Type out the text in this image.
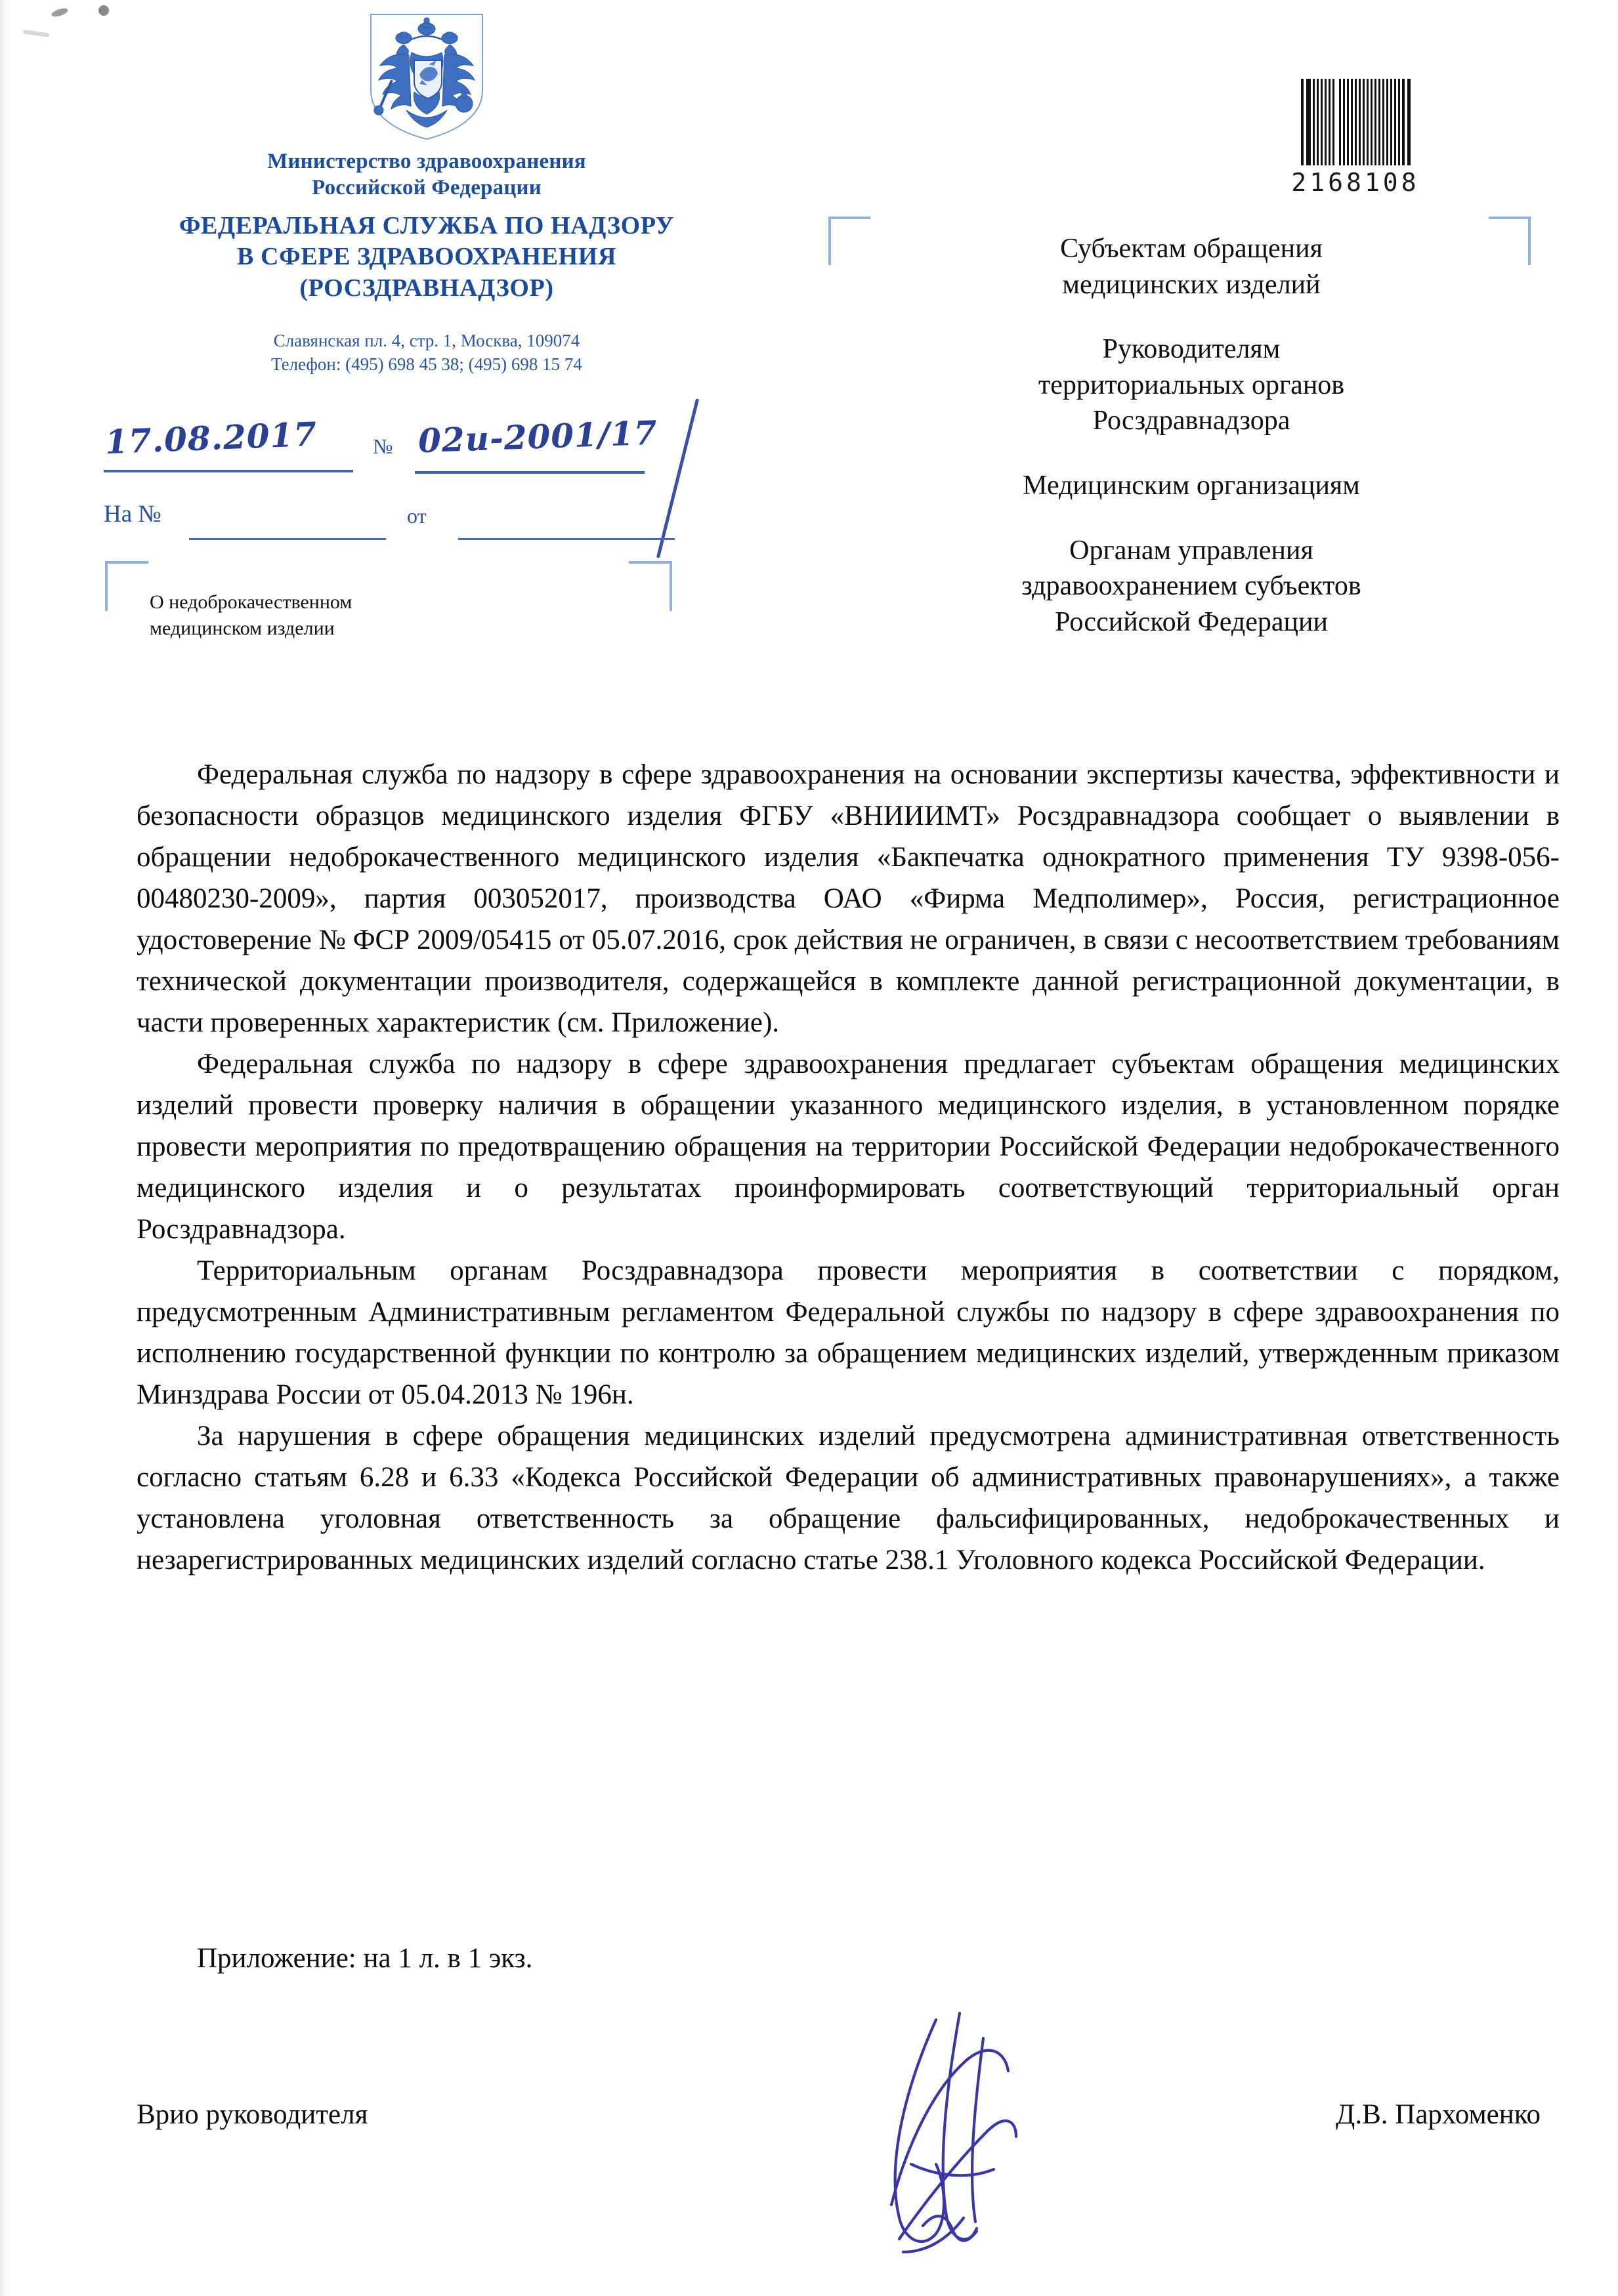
Министерство здравоохранения
Российской Федерации
ФЕДЕРАЛЬНАЯ СЛУЖБА ПО НАДЗОРУ
В СФЕРЕ ЗДРАВООХРАНЕНИЯ
(РОСЗДРАВНАДЗОР)
Славянская пл. 4, стр. 1, Москва, 109074
Телефон: (495) 698 45 38; (495) 698 15 74
17.08.2017	№ 02и-2001/17
На №	от
О недоброкачественном
медицинском изделии
2168108
Субъектам обращения
медицинских изделий
Руководителям
территориальных органов
Росздравнадзора
Медицинским организациям
Органам управления
здравоохранением субъектов
Российской Федерации

Федеральная служба по надзору в сфере здравоохранения на основании экспертизы качества, эффективности и безопасности образцов медицинского изделия ФГБУ «ВНИИИМТ» Росздравнадзора сообщает о выявлении в обращении недоброкачественного медицинского изделия «Бакпечатка однократного применения ТУ 9398-056-00480230-2009», партия 003052017, производства ОАО «Фирма Медполимер», Россия, регистрационное удостоверение № ФСР 2009/05415 от 05.07.2016, срок действия не ограничен, в связи с несоответствием требованиям технической документации производителя, содержащейся в комплекте данной регистрационной документации, в части проверенных характеристик (см. Приложение).

Федеральная служба по надзору в сфере здравоохранения предлагает субъектам обращения медицинских изделий провести проверку наличия в обращении указанного медицинского изделия, в установленном порядке провести мероприятия по предотвращению обращения на территории Российской Федерации недоброкачественного медицинского изделия и о результатах проинформировать соответствующий территориальный орган Росздравнадзора.

Территориальным органам Росздравнадзора провести мероприятия в соответствии с порядком, предусмотренным Административным регламентом Федеральной службы по надзору в сфере здравоохранения по исполнению государственной функции по контролю за обращением медицинских изделий, утвержденным приказом Минздрава России от 05.04.2013 № 196н.

За нарушения в сфере обращения медицинских изделий предусмотрена административная ответственность согласно статьям 6.28 и 6.33 «Кодекса Российской Федерации об административных правонарушениях», а также установлена уголовная ответственность за обращение фальсифицированных, недоброкачественных и незарегистрированных медицинских изделий согласно статье 238.1 Уголовного кодекса Российской Федерации.

Приложение: на 1 л. в 1 экз.
Врио руководителя	Д.В. Пархоменко
